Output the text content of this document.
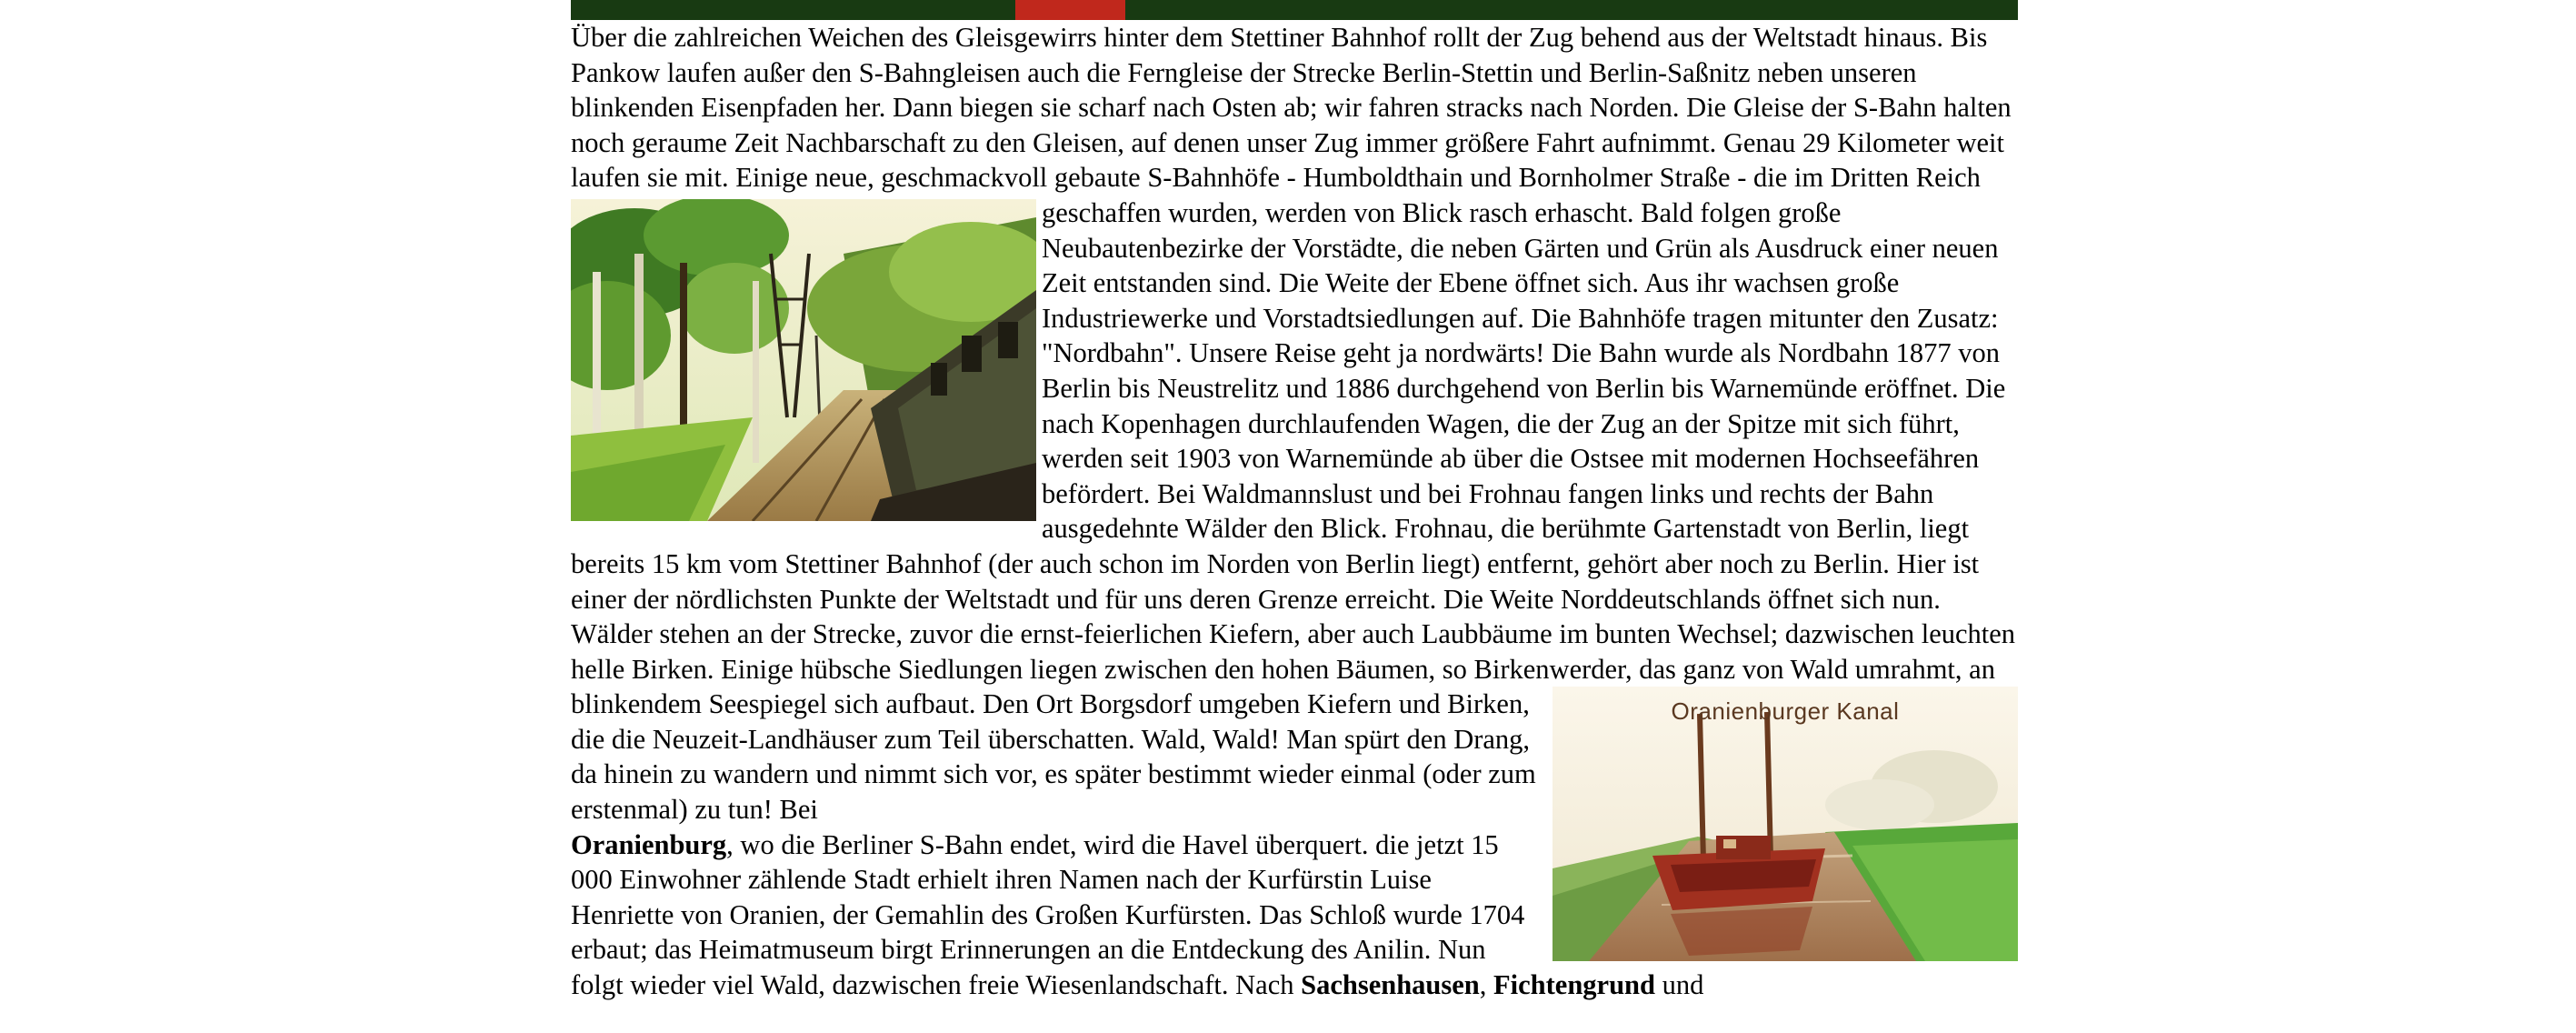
Über die zahlreichen Weichen des Gleisgewirrs hinter dem Stettiner Bahnhof rollt der Zug behend aus der Weltstadt hinaus. Bis Pankow laufen außer den S-Bahngleisen auch die Ferngleise der Strecke Berlin-Stettin und Berlin-Saßnitz neben unseren blinkenden Eisenpfaden her. Dann biegen sie scharf nach Osten ab; wir fahren stracks nach Norden. Die Gleise der S-Bahn halten noch geraume Zeit Nachbarschaft zu den Gleisen, auf denen unser Zug immer größere Fahrt aufnimmt. Genau 29 Kilometer weit laufen sie mit. Einige neue, geschmackvoll gebaute S-Bahnhöfe - Humboldthain und Bornholmer Straße - die im Dritten Reich geschaffen wurden, werden von Blick rasch erhascht. Bald folgen große
Neubautenbezirke der Vorstädte, die neben Gärten und Grün als Ausdruck einer neuen Zeit entstanden sind. Die Weite der Ebene öffnet sich. Aus ihr wachsen große Industriewerke und Vorstadtsiedlungen auf. Die Bahnhöfe tragen mitunter den Zusatz: "Nordbahn". Unsere Reise geht ja nordwärts! Die Bahn wurde als Nordbahn 1877 von Berlin bis Neustrelitz und 1886 durchgehend von Berlin bis Warnemünde eröffnet. Die nach Kopenhagen durchlaufenden Wagen, die der Zug an der Spitze mit sich führt, werden seit 1903 von Warnemünde ab über die Ostsee mit modernen Hochseefähren befördert. Bei Waldmannslust und bei Frohnau fangen links und rechts der Bahn ausgedehnte Wälder den Blick. Frohnau, die berühmte Gartenstadt von Berlin, liegt bereits 15 km vom Stettiner Bahnhof (der auch schon im Norden von Berlin liegt) entfernt, gehört aber noch zu Berlin. Hier ist einer der nördlichsten Punkte der Weltstadt und für uns deren Grenze erreicht. Die Weite Norddeutschlands öffnet sich nun. Wälder stehen an der Strecke, zuvor die ernst-feierlichen Kiefern, aber auch Laubbäume im bunten Wechsel; dazwischen leuchten helle Birken. Einige hübsche Siedlungen liegen zwischen den hohen Bäumen, so Birkenwerder, das ganz von Wald umrahmt, an blinkendem	Oranienburger Kanal
Seespiegel sich aufbaut. Den Ort Borgsdorf umgeben Kiefern und Birken, die die Neuzeit-Landhäuser zum Teil überschatten. Wald, Wald! Man spürt den Drang, da hinein zu wandern und nimmt sich vor, es später bestimmt wieder einmal (oder zum erstenmal) zu tun! Bei

Oranienburg, wo die Berliner S-Bahn endet, wird die Havel überquert. die jetzt 15 000 Einwohner zählende Stadt erhielt ihren Namen nach der Kurfürstin Luise Henriette von Oranien, der Gemahlin des Großen Kurfürsten. Das Schloß wurde 1704 erbaut; das Heimatmuseum birgt Erinnerungen an die Entdeckung des Anilin. Nun folgt wieder viel Wald, dazwischen freie Wiesenlandschaft. Nach Sachsenhausen, Fichtengrund und
